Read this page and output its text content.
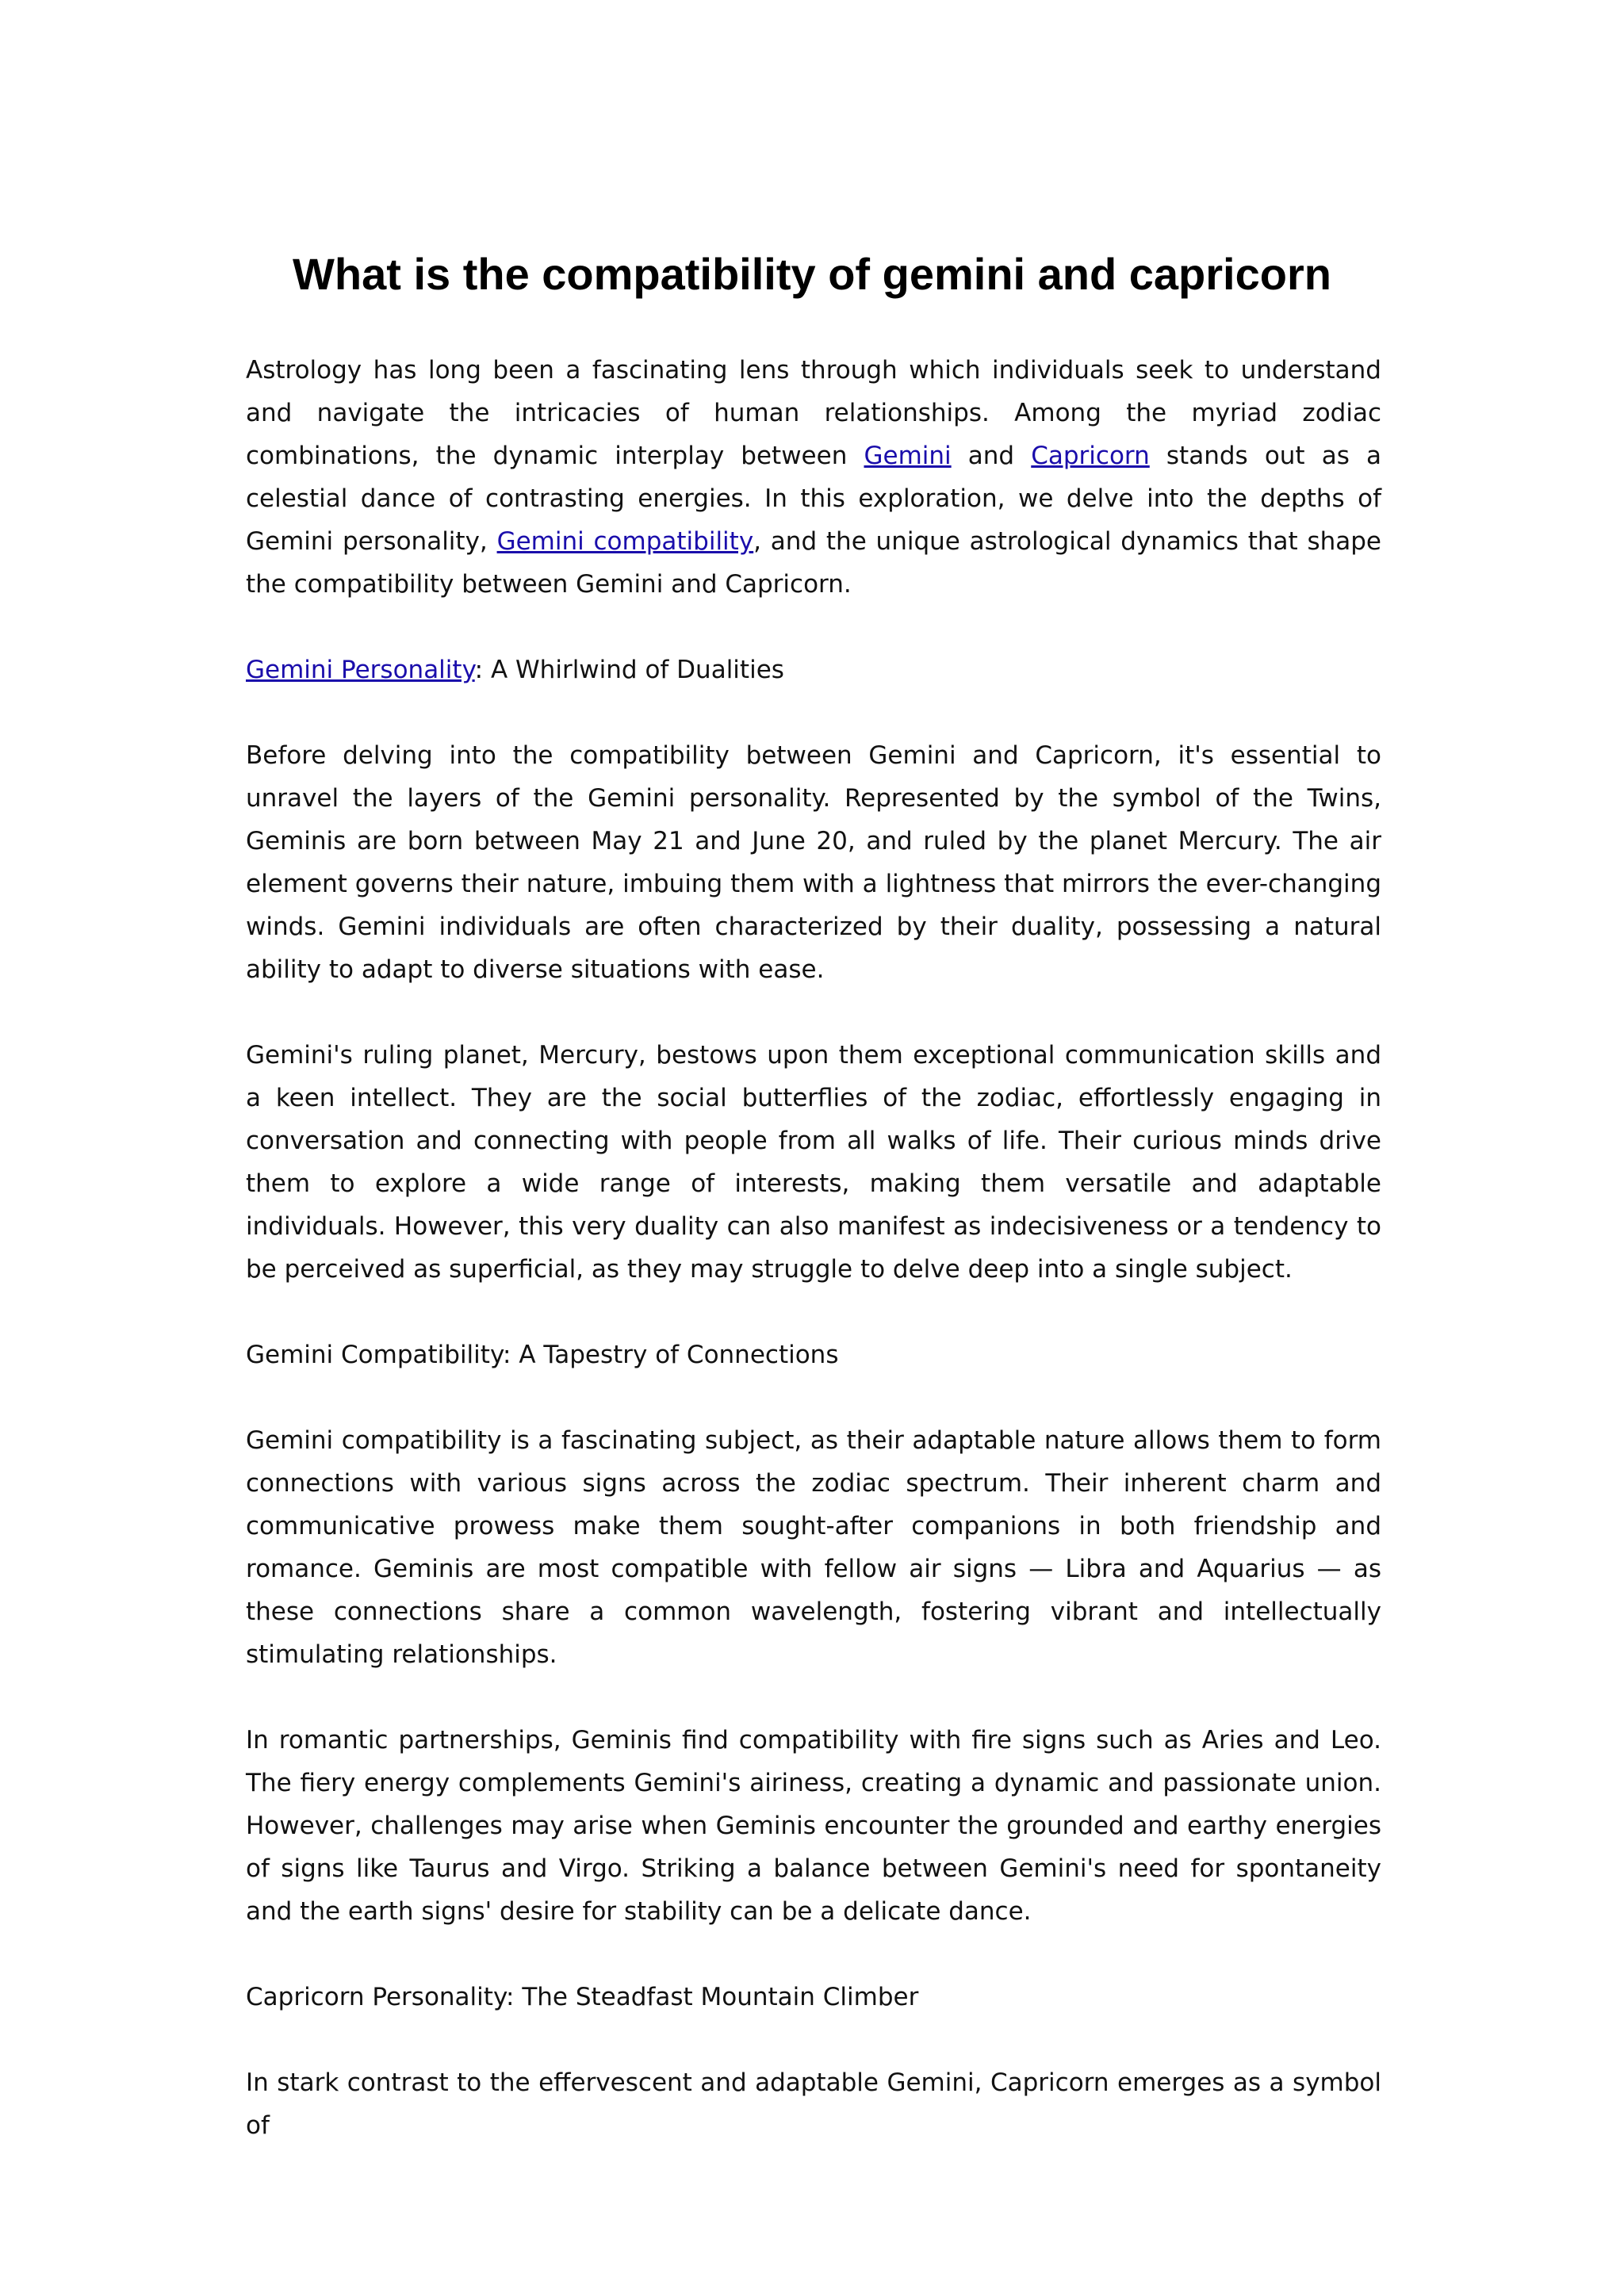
What is the compatibility of gemini and capricorn

Astrology has long been a fascinating lens through which individuals seek to understand and navigate the intricacies of human relationships. Among the myriad zodiac combinations, the dynamic interplay between Gemini and Capricorn stands out as a celestial dance of contrasting energies. In this exploration, we delve into the depths of Gemini personality, Gemini compatibility, and the unique astrological dynamics that shape the compatibility between Gemini and Capricorn.

Gemini Personality: A Whirlwind of Dualities

Before delving into the compatibility between Gemini and Capricorn, it's essential to unravel the layers of the Gemini personality. Represented by the symbol of the Twins, Geminis are born between May 21 and June 20, and ruled by the planet Mercury. The air element governs their nature, imbuing them with a lightness that mirrors the ever-changing winds. Gemini individuals are often characterized by their duality, possessing a natural ability to adapt to diverse situations with ease.

Gemini's ruling planet, Mercury, bestows upon them exceptional communication skills and a keen intellect. They are the social butterflies of the zodiac, effortlessly engaging in conversation and connecting with people from all walks of life. Their curious minds drive them to explore a wide range of interests, making them versatile and adaptable individuals. However, this very duality can also manifest as indecisiveness or a tendency to be perceived as superficial, as they may struggle to delve deep into a single subject.

Gemini Compatibility: A Tapestry of Connections

Gemini compatibility is a fascinating subject, as their adaptable nature allows them to form connections with various signs across the zodiac spectrum. Their inherent charm and communicative prowess make them sought-after companions in both friendship and romance. Geminis are most compatible with fellow air signs — Libra and Aquarius — as these connections share a common wavelength, fostering vibrant and intellectually stimulating relationships.

In romantic partnerships, Geminis find compatibility with fire signs such as Aries and Leo. The fiery energy complements Gemini's airiness, creating a dynamic and passionate union. However, challenges may arise when Geminis encounter the grounded and earthy energies of signs like Taurus and Virgo. Striking a balance between Gemini's need for spontaneity and the earth signs' desire for stability can be a delicate dance.

Capricorn Personality: The Steadfast Mountain Climber

In stark contrast to the effervescent and adaptable Gemini, Capricorn emerges as a symbol of
